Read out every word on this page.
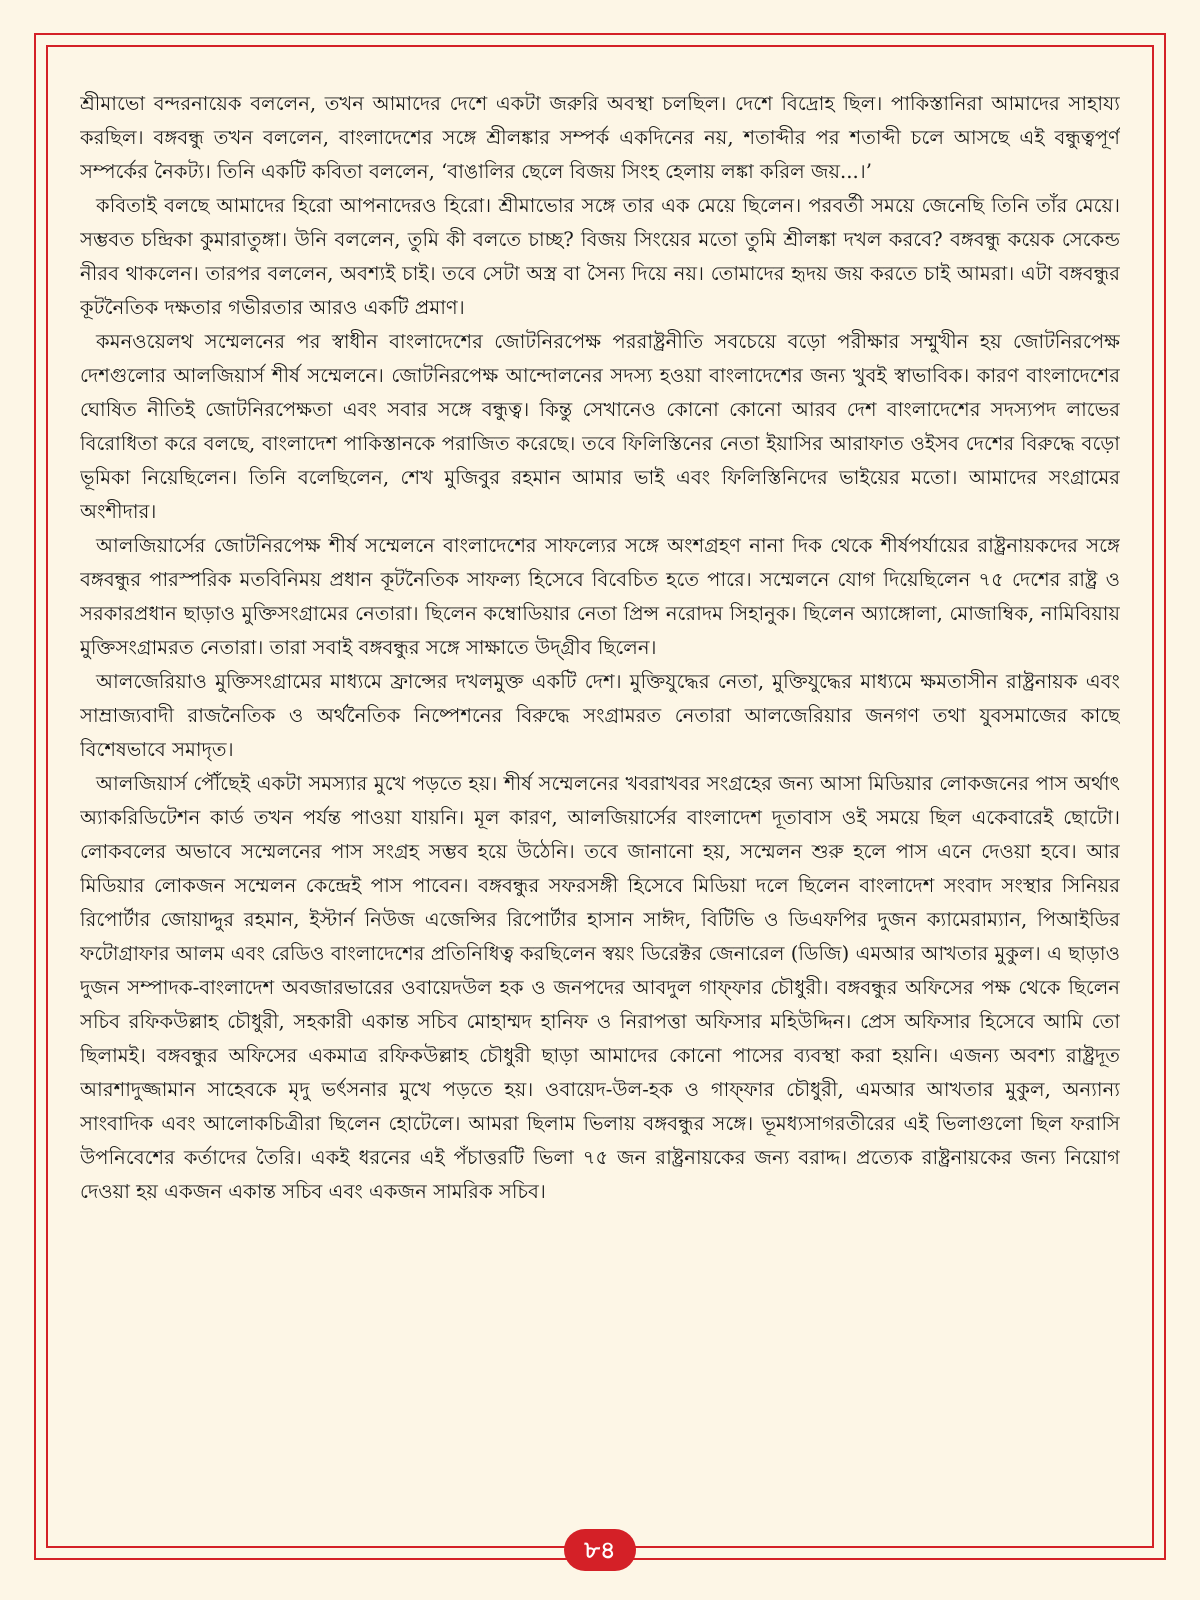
শ্রীমাভো বন্দরনায়েক বললেন, তখন আমাদের দেশে একটা জরুরি অবস্থা চলছিল। দেশে বিদ্রোহ ছিল। পাকিস্তানিরা আমাদের সাহায্য করছিল। বঙ্গবন্ধু তখন বললেন, বাংলাদেশের সঙ্গে শ্রীলঙ্কার সম্পর্ক একদিনের নয়, শতাব্দীর পর শতাব্দী চলে আসছে এই বন্ধুত্বপূর্ণ সম্পর্কের নৈকট্য। তিনি একটি কবিতা বললেন, ‘বাঙালির ছেলে বিজয় সিংহ হেলায় লঙ্কা করিল জয়...।’

কবিতাই বলছে আমাদের হিরো আপনাদেরও হিরো। শ্রীমাভোর সঙ্গে তার এক মেয়ে ছিলেন। পরবর্তী সময়ে জেনেছি তিনি তাঁর মেয়ে। সম্ভবত চন্দ্রিকা কুমারাতুঙ্গা। উনি বললেন, তুমি কী বলতে চাচ্ছ? বিজয় সিংয়ের মতো তুমি শ্রীলঙ্কা দখল করবে? বঙ্গবন্ধু কয়েক সেকেন্ড নীরব থাকলেন। তারপর বললেন, অবশ্যই চাই। তবে সেটা অস্ত্র বা সৈন্য দিয়ে নয়। তোমাদের হৃদয় জয় করতে চাই আমরা। এটা বঙ্গবন্ধুর কূটনৈতিক দক্ষতার গভীরতার আরও একটি প্রমাণ।

কমনওয়েলথ সম্মেলনের পর স্বাধীন বাংলাদেশের জোটনিরপেক্ষ পররাষ্ট্রনীতি সবচেয়ে বড়ো পরীক্ষার সম্মুখীন হয় জোটনিরপেক্ষ দেশগুলোর আলজিয়ার্স শীর্ষ সম্মেলনে। জোটনিরপেক্ষ আন্দোলনের সদস্য হওয়া বাংলাদেশের জন্য খুবই স্বাভাবিক। কারণ বাংলাদেশের ঘোষিত নীতিই জোটনিরপেক্ষতা এবং সবার সঙ্গে বন্ধুত্ব। কিন্তু সেখানেও কোনো কোনো আরব দেশ বাংলাদেশের সদস্যপদ লাভের বিরোধিতা করে বলছে, বাংলাদেশ পাকিস্তানকে পরাজিত করেছে। তবে ফিলিস্তিনের নেতা ইয়াসির আরাফাত ওইসব দেশের বিরুদ্ধে বড়ো ভূমিকা নিয়েছিলেন। তিনি বলেছিলেন, শেখ মুজিবুর রহমান আমার ভাই এবং ফিলিস্তিনিদের ভাইয়ের মতো। আমাদের সংগ্রামের অংশীদার।

আলজিয়ার্সের জোটনিরপেক্ষ শীর্ষ সম্মেলনে বাংলাদেশের সাফল্যের সঙ্গে অংশগ্রহণ নানা দিক থেকে শীর্ষপর্যায়ের রাষ্ট্রনায়কদের সঙ্গে বঙ্গবন্ধুর পারস্পরিক মতবিনিময় প্রধান কূটনৈতিক সাফল্য হিসেবে বিবেচিত হতে পারে। সম্মেলনে যোগ দিয়েছিলেন ৭৫ দেশের রাষ্ট্র ও সরকারপ্রধান ছাড়াও মুক্তিসংগ্রামের নেতারা। ছিলেন কম্বোডিয়ার নেতা প্রিন্স নরোদম সিহানুক। ছিলেন অ্যাঙ্গোলা, মোজাম্বিক, নামিবিয়ায় মুক্তিসংগ্রামরত নেতারা। তারা সবাই বঙ্গবন্ধুর সঙ্গে সাক্ষাতে উদ্গ্রীব ছিলেন।

আলজেরিয়াও মুক্তিসংগ্রামের মাধ্যমে ফ্রান্সের দখলমুক্ত একটি দেশ। মুক্তিযুদ্ধের নেতা, মুক্তিযুদ্ধের মাধ্যমে ক্ষমতাসীন রাষ্ট্রনায়ক এবং সাম্রাজ্যবাদী রাজনৈতিক ও অর্থনৈতিক নিষ্পেশনের বিরুদ্ধে সংগ্রামরত নেতারা আলজেরিয়ার জনগণ তথা যুবসমাজের কাছে বিশেষভাবে সমাদৃত।

আলজিয়ার্স পৌঁছেই একটা সমস্যার মুখে পড়তে হয়। শীর্ষ সম্মেলনের খবরাখবর সংগ্রহের জন্য আসা মিডিয়ার লোকজনের পাস অর্থাৎ অ্যাকরিডিটেশন কার্ড তখন পর্যন্ত পাওয়া যায়নি। মূল কারণ, আলজিয়ার্সের বাংলাদেশ দূতাবাস ওই সময়ে ছিল একেবারেই ছোটো। লোকবলের অভাবে সম্মেলনের পাস সংগ্রহ সম্ভব হয়ে উঠেনি। তবে জানানো হয়, সম্মেলন শুরু হলে পাস এনে দেওয়া হবে। আর মিডিয়ার লোকজন সম্মেলন কেন্দ্রেই পাস পাবেন। বঙ্গবন্ধুর সফরসঙ্গী হিসেবে মিডিয়া দলে ছিলেন বাংলাদেশ সংবাদ সংস্থার সিনিয়র রিপোর্টার জোয়াদ্দুর রহমান, ইস্টার্ন নিউজ এজেন্সির রিপোর্টার হাসান সাঈদ, বিটিভি ও ডিএফপির দুজন ক্যামেরাম্যান, পিআইডির ফটোগ্রাফার আলম এবং রেডিও বাংলাদেশের প্রতিনিধিত্ব করছিলেন স্বয়ং ডিরেক্টর জেনারেল (ডিজি) এমআর আখতার মুকুল। এ ছাড়াও দুজন সম্পাদক-বাংলাদেশ অবজারভারের ওবায়েদউল হক ও জনপদের আবদুল গাফ্ফার চৌধুরী। বঙ্গবন্ধুর অফিসের পক্ষ থেকে ছিলেন সচিব রফিকউল্লাহ চৌধুরী, সহকারী একান্ত সচিব মোহাম্মদ হানিফ ও নিরাপত্তা অফিসার মহিউদ্দিন। প্রেস অফিসার হিসেবে আমি তো ছিলামই। বঙ্গবন্ধুর অফিসের একমাত্র রফিকউল্লাহ চৌধুরী ছাড়া আমাদের কোনো পাসের ব্যবস্থা করা হয়নি। এজন্য অবশ্য রাষ্ট্রদূত আরশাদুজ্জামান সাহেবকে মৃদু ভর্ৎসনার মুখে পড়তে হয়। ওবায়েদ-উল-হক ও গাফ্ফার চৌধুরী, এমআর আখতার মুকুল, অন্যান্য সাংবাদিক এবং আলোকচিত্রীরা ছিলেন হোটেলে। আমরা ছিলাম ভিলায় বঙ্গবন্ধুর সঙ্গে। ভূমধ্যসাগরতীরের এই ভিলাগুলো ছিল ফরাসি উপনিবেশের কর্তাদের তৈরি। একই ধরনের এই পঁচাত্তরটি ভিলা ৭৫ জন রাষ্ট্রনায়কের জন্য বরাদ্দ। প্রত্যেক রাষ্ট্রনায়কের জন্য নিয়োগ দেওয়া হয় একজন একান্ত সচিব এবং একজন সামরিক সচিব।

৮৪
